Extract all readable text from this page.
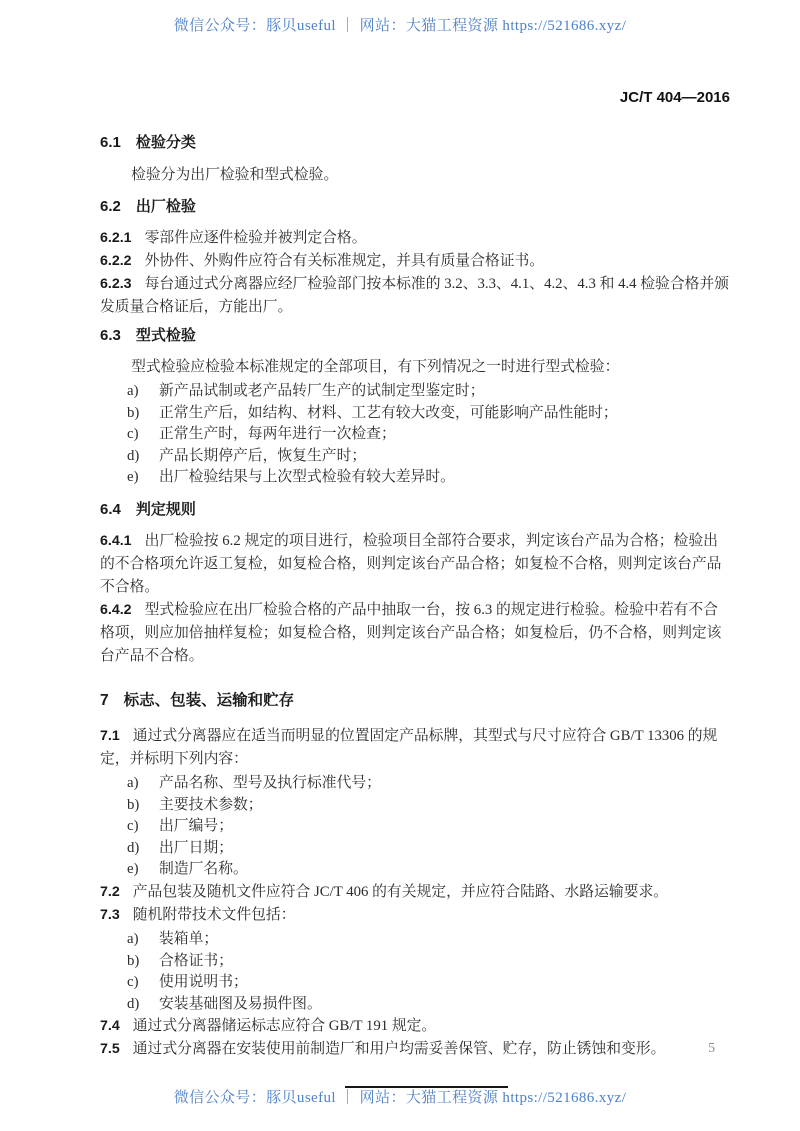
微信公众号：豚贝useful ｜ 网站：大猫工程资源 https://521686.xyz/
JC/T 404—2016
6.1 检验分类

检验分为出厂检验和型式检验。

6.2 出厂检验

6.2.1 零部件应逐件检验并被判定合格。

6.2.2 外协件、外购件应符合有关标准规定，并具有质量合格证书。

6.2.3 每台通过式分离器应经厂检验部门按本标准的 3.2、3.3、4.1、4.2、4.3 和 4.4 检验合格并颁发质量合格证后，方能出厂。

6.3 型式检验

型式检验应检验本标准规定的全部项目，有下列情况之一时进行型式检验：

a) 新产品试制或老产品转厂生产的试制定型鉴定时；

b) 正常生产后，如结构、材料、工艺有较大改变，可能影响产品性能时；

c) 正常生产时，每两年进行一次检查；

d) 产品长期停产后，恢复生产时；

e) 出厂检验结果与上次型式检验有较大差异时。

6.4 判定规则

6.4.1 出厂检验按 6.2 规定的项目进行，检验项目全部符合要求，判定该台产品为合格；检验出的不合格项允许返工复检，如复检合格，则判定该台产品合格；如复检不合格，则判定该台产品不合格。

6.4.2 型式检验应在出厂检验合格的产品中抽取一台，按 6.3 的规定进行检验。检验中若有不合格项，则应加倍抽样复检；如复检合格，则判定该台产品合格；如复检后，仍不合格，则判定该台产品不合格。

7 标志、包装、运输和贮存

7.1 通过式分离器应在适当而明显的位置固定产品标牌，其型式与尺寸应符合 GB/T 13306 的规定，并标明下列内容：

a) 产品名称、型号及执行标准代号；

b) 主要技术参数；

c) 出厂编号；

d) 出厂日期；

e) 制造厂名称。

7.2 产品包装及随机文件应符合 JC/T 406 的有关规定，并应符合陆路、水路运输要求。

7.3 随机附带技术文件包括：

a) 装箱单；

b) 合格证书；

c) 使用说明书；

d) 安装基础图及易损件图。

7.4 通过式分离器储运标志应符合 GB/T 191 规定。

7.5 通过式分离器在安装使用前制造厂和用户均需妥善保管、贮存，防止锈蚀和变形。	5
微信公众号：豚贝useful ｜ 网站：大猫工程资源 https://521686.xyz/
